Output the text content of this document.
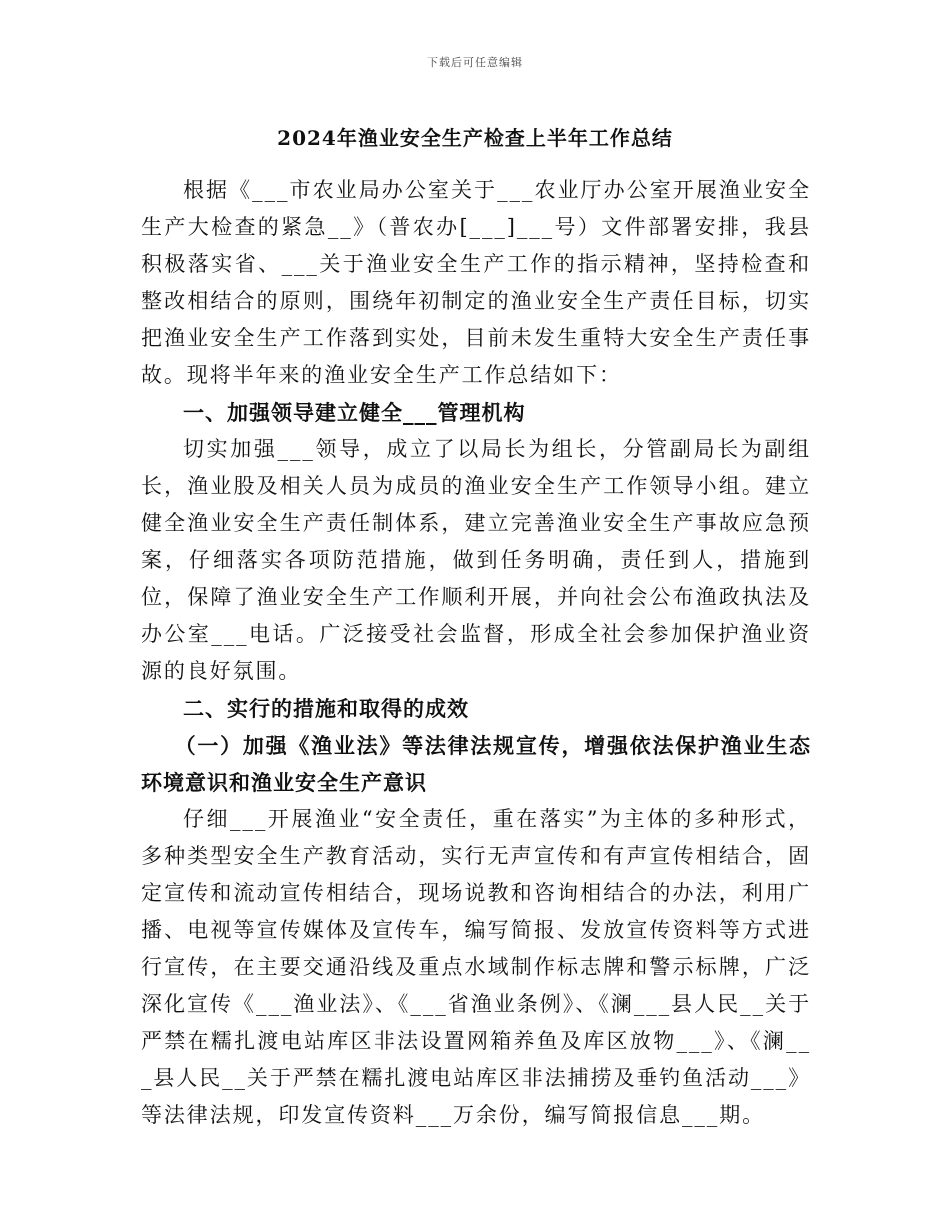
下载后可任意编辑
2024年渔业安全生产检查上半年工作总结

根据《___市农业局办公室关于___农业厅办公室开展渔业安全生产大检查的紧急__》（普农办[___]___号）文件部署安排，我县积极落实省、___关于渔业安全生产工作的指示精神，坚持检查和整改相结合的原则，围绕年初制定的渔业安全生产责任目标，切实把渔业安全生产工作落到实处，目前未发生重特大安全生产责任事故。现将半年来的渔业安全生产工作总结如下：

一、加强领导建立健全___管理机构

切实加强___领导，成立了以局长为组长，分管副局长为副组长，渔业股及相关人员为成员的渔业安全生产工作领导小组。建立健全渔业安全生产责任制体系，建立完善渔业安全生产事故应急预案，仔细落实各项防范措施，做到任务明确，责任到人，措施到位，保障了渔业安全生产工作顺利开展，并向社会公布渔政执法及办公室___电话。广泛接受社会监督，形成全社会参加保护渔业资源的良好氛围。

二、实行的措施和取得的成效

（一）加强《渔业法》等法律法规宣传，增强依法保护渔业生态环境意识和渔业安全生产意识

仔细___开展渔业“安全责任，重在落实”为主体的多种形式，多种类型安全生产教育活动，实行无声宣传和有声宣传相结合，固定宣传和流动宣传相结合，现场说教和咨询相结合的办法，利用广播、电视等宣传媒体及宣传车，编写简报、发放宣传资料等方式进行宣传，在主要交通沿线及重点水域制作标志牌和警示标牌，广泛深化宣传《___渔业法》、《___省渔业条例》、《澜___县人民__关于严禁在糯扎渡电站库区非法设置网箱养鱼及库区放物___》、《澜___县人民__关于严禁在糯扎渡电站库区非法捕捞及垂钓鱼活动___》等法律法规，印发宣传资料___万余份，编写简报信息___期。
